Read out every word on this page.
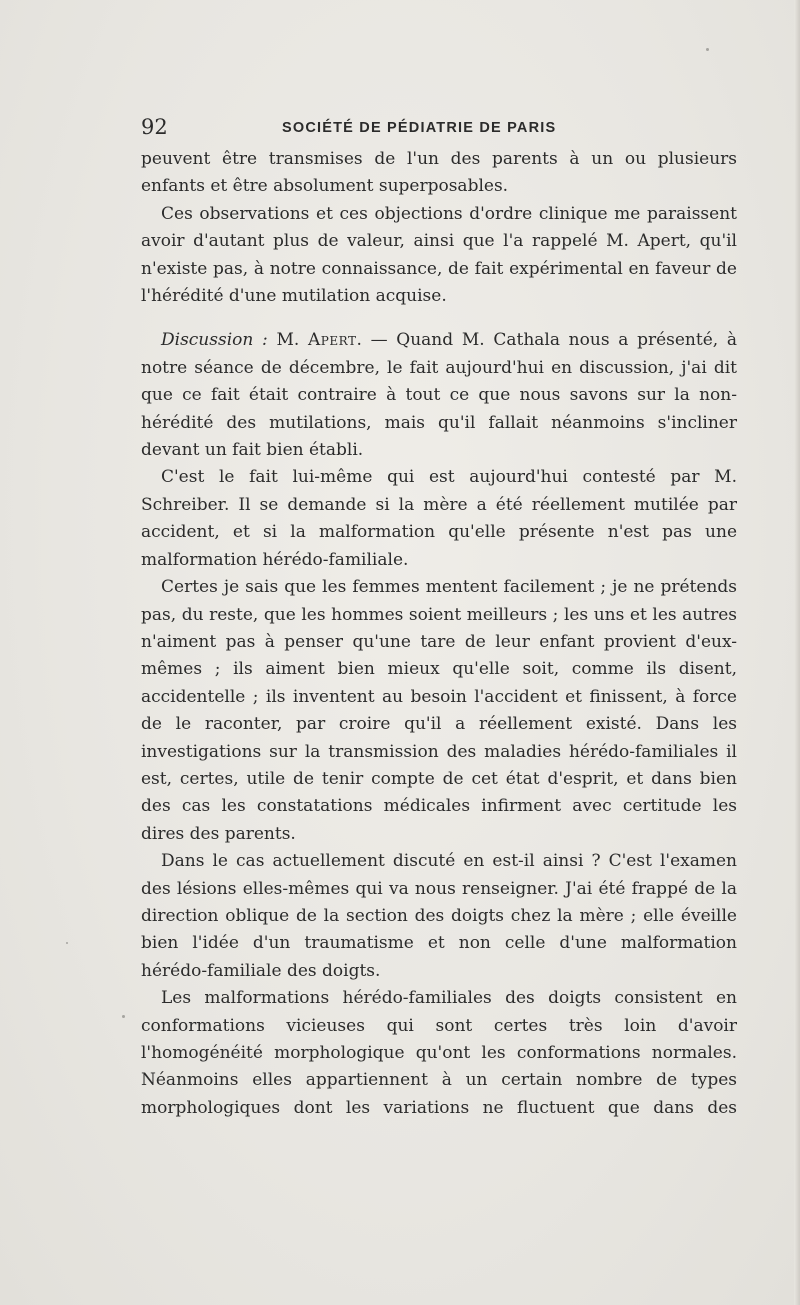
92	SOCIÉTÉ DE PÉDIATRIE DE PARIS

peuvent être transmises de l'un des parents à un ou plusieurs enfants et être absolument superposables.

Ces observations et ces objections d'ordre clinique me paraissent avoir d'autant plus de valeur, ainsi que l'a rappelé M. Apert, qu'il n'existe pas, à notre connaissance, de fait expérimental en faveur de l'hérédité d'une mutilation acquise.

Discussion : M. Apert. — Quand M. Cathala nous a présenté, à notre séance de décembre, le fait aujourd'hui en discussion, j'ai dit que ce fait était contraire à tout ce que nous savons sur la non-hérédité des mutilations, mais qu'il fallait néanmoins s'incliner devant un fait bien établi.

C'est le fait lui-même qui est aujourd'hui contesté par M. Schreiber. Il se demande si la mère a été réellement mutilée par accident, et si la malformation qu'elle présente n'est pas une malformation hérédo-familiale.

Certes je sais que les femmes mentent facilement ; je ne prétends pas, du reste, que les hommes soient meilleurs ; les uns et les autres n'aiment pas à penser qu'une tare de leur enfant provient d'eux-mêmes ; ils aiment bien mieux qu'elle soit, comme ils disent, accidentelle ; ils inventent au besoin l'accident et finissent, à force de le raconter, par croire qu'il a réellement existé. Dans les investigations sur la transmission des maladies hérédo-familiales il est, certes, utile de tenir compte de cet état d'esprit, et dans bien des cas les constatations médicales infirment avec certitude les dires des parents.

Dans le cas actuellement discuté en est-il ainsi ? C'est l'examen des lésions elles-mêmes qui va nous renseigner. J'ai été frappé de la direction oblique de la section des doigts chez la mère ; elle éveille bien l'idée d'un traumatisme et non celle d'une malformation hérédo-familiale des doigts.

Les malformations hérédo-familiales des doigts consistent en conformations vicieuses qui sont certes très loin d'avoir l'homogénéité morphologique qu'ont les conformations normales. Néanmoins elles appartiennent à un certain nombre de types morphologiques dont les variations ne fluctuent que dans des
